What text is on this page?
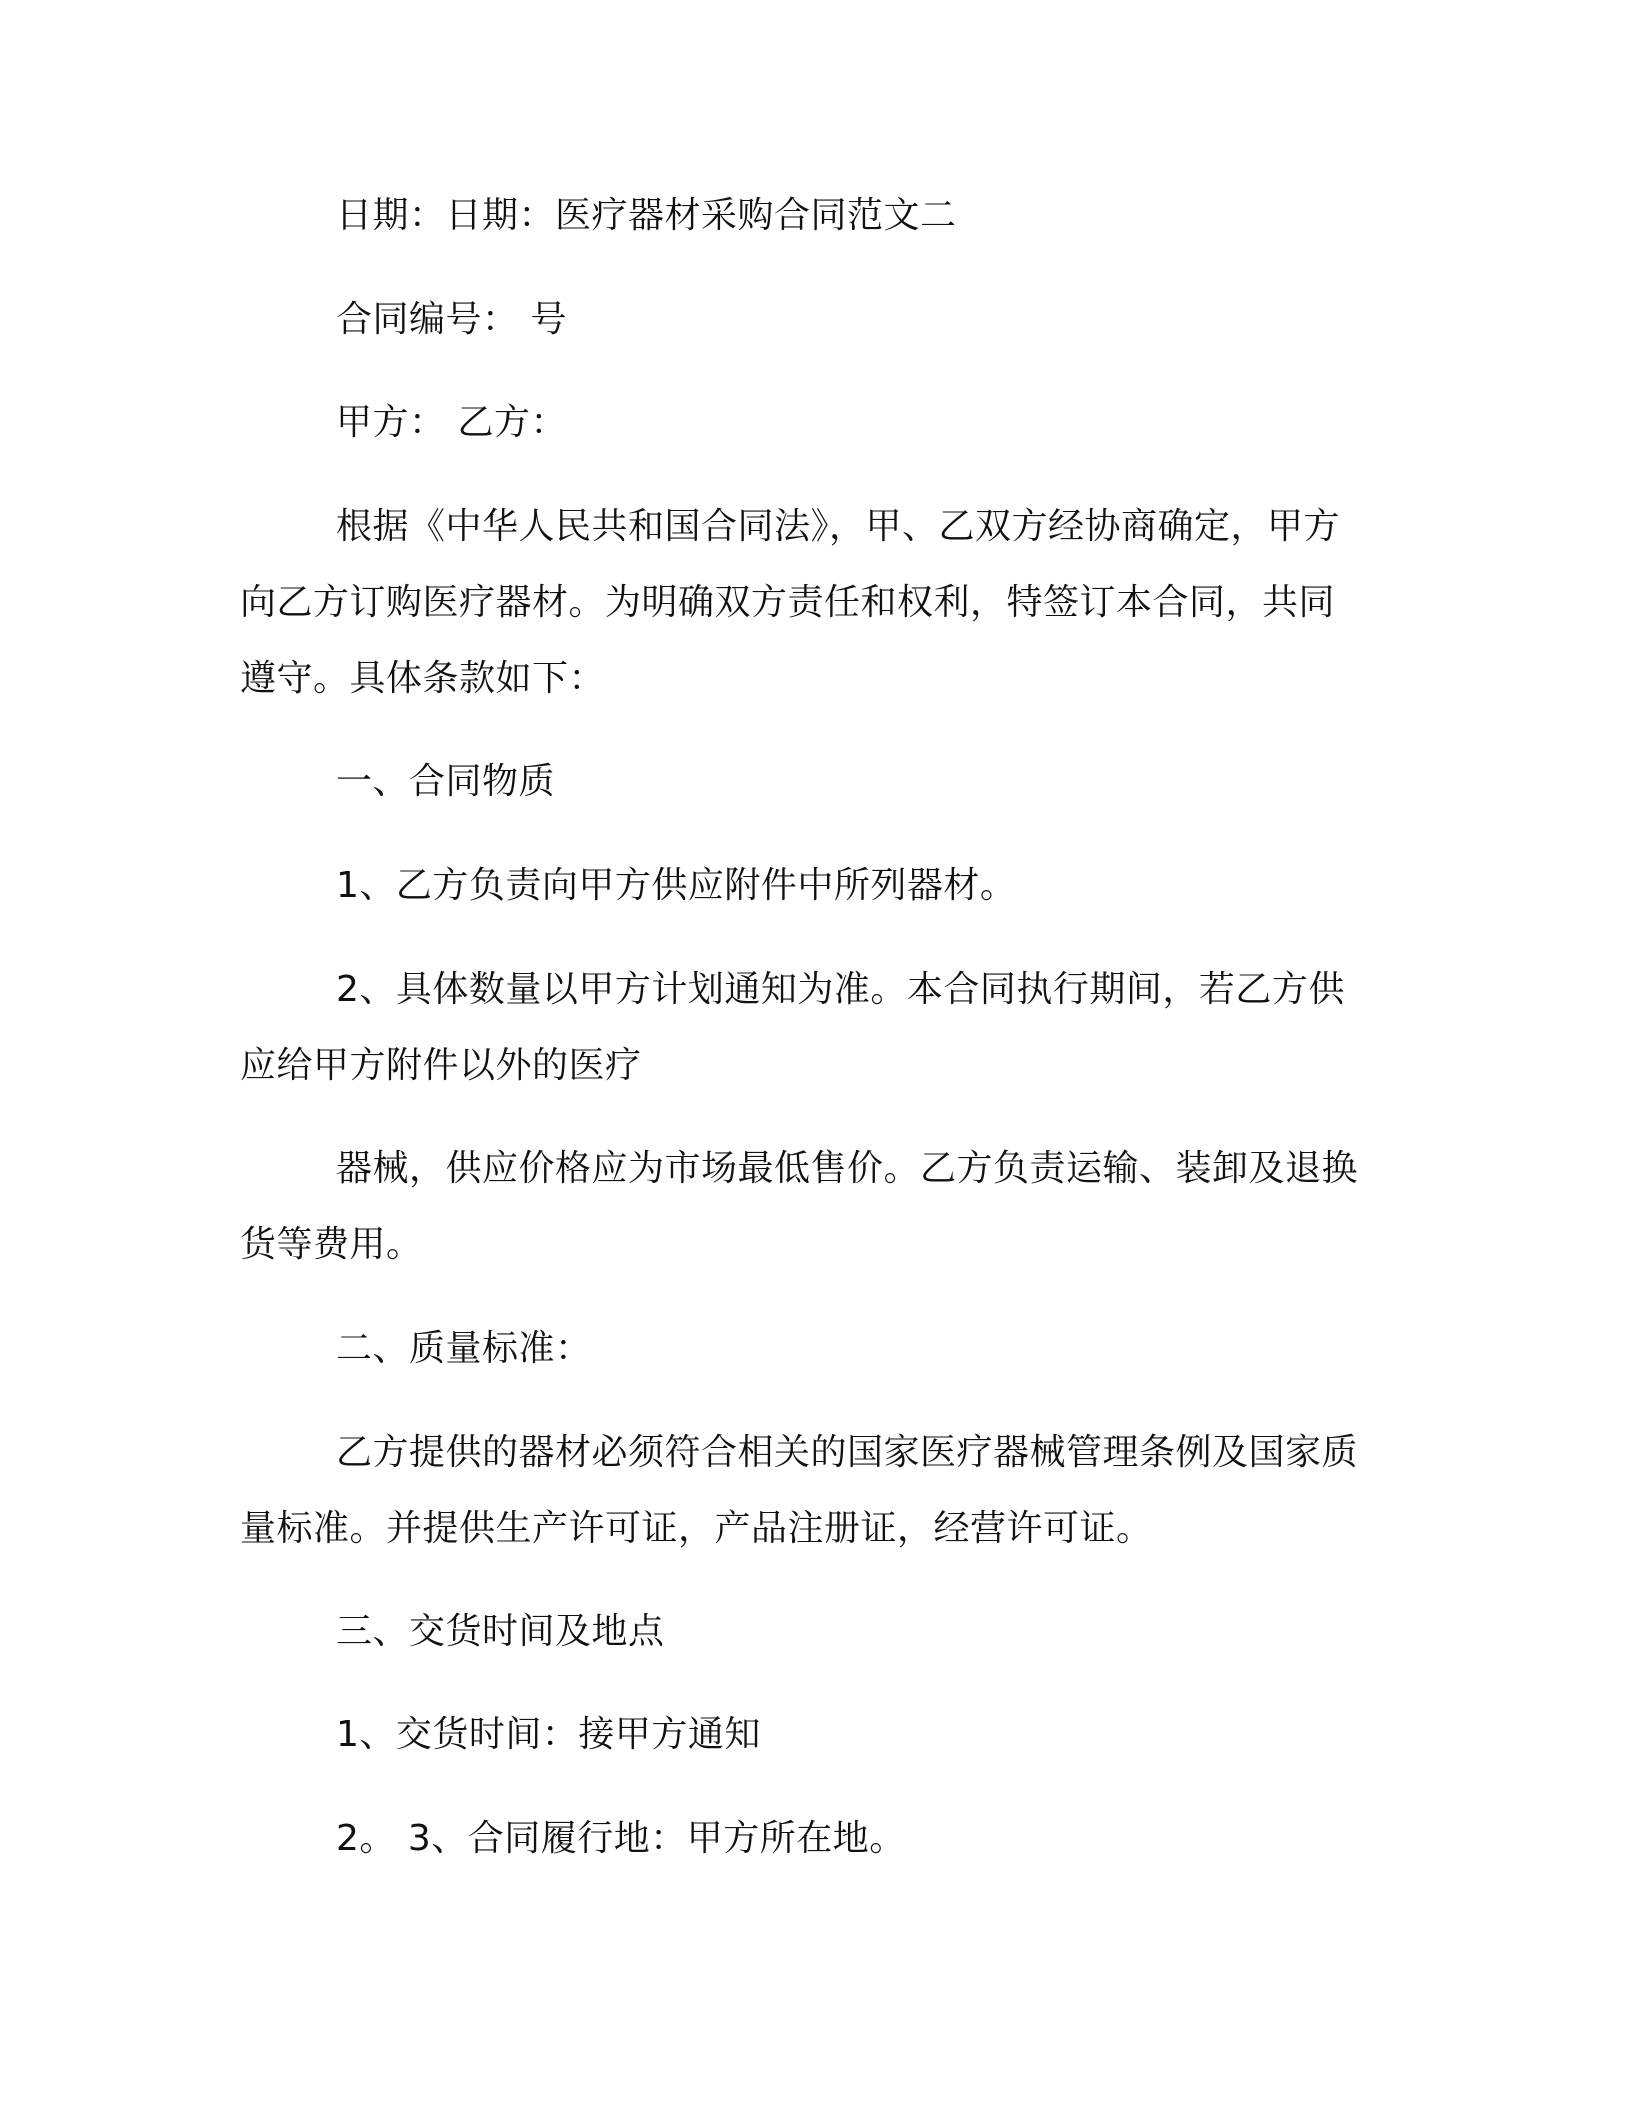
日期：日期：医疗器材采购合同范文二
合同编号： 号
甲方： 乙方：
根据《中华人民共和国合同法》，甲、乙双方经协商确定，甲方
向乙方订购医疗器材。为明确双方责任和权利，特签订本合同，共同
遵守。具体条款如下：
一、合同物质
1、乙方负责向甲方供应附件中所列器材。
2、具体数量以甲方计划通知为准。本合同执行期间，若乙方供
应给甲方附件以外的医疗
器械，供应价格应为市场最低售价。乙方负责运输、装卸及退换
货等费用。
二、质量标准：
乙方提供的器材必须符合相关的国家医疗器械管理条例及国家质
量标准。并提供生产许可证，产品注册证，经营许可证。
三、交货时间及地点
1、交货时间：接甲方通知
2。 3、合同履行地：甲方所在地。
